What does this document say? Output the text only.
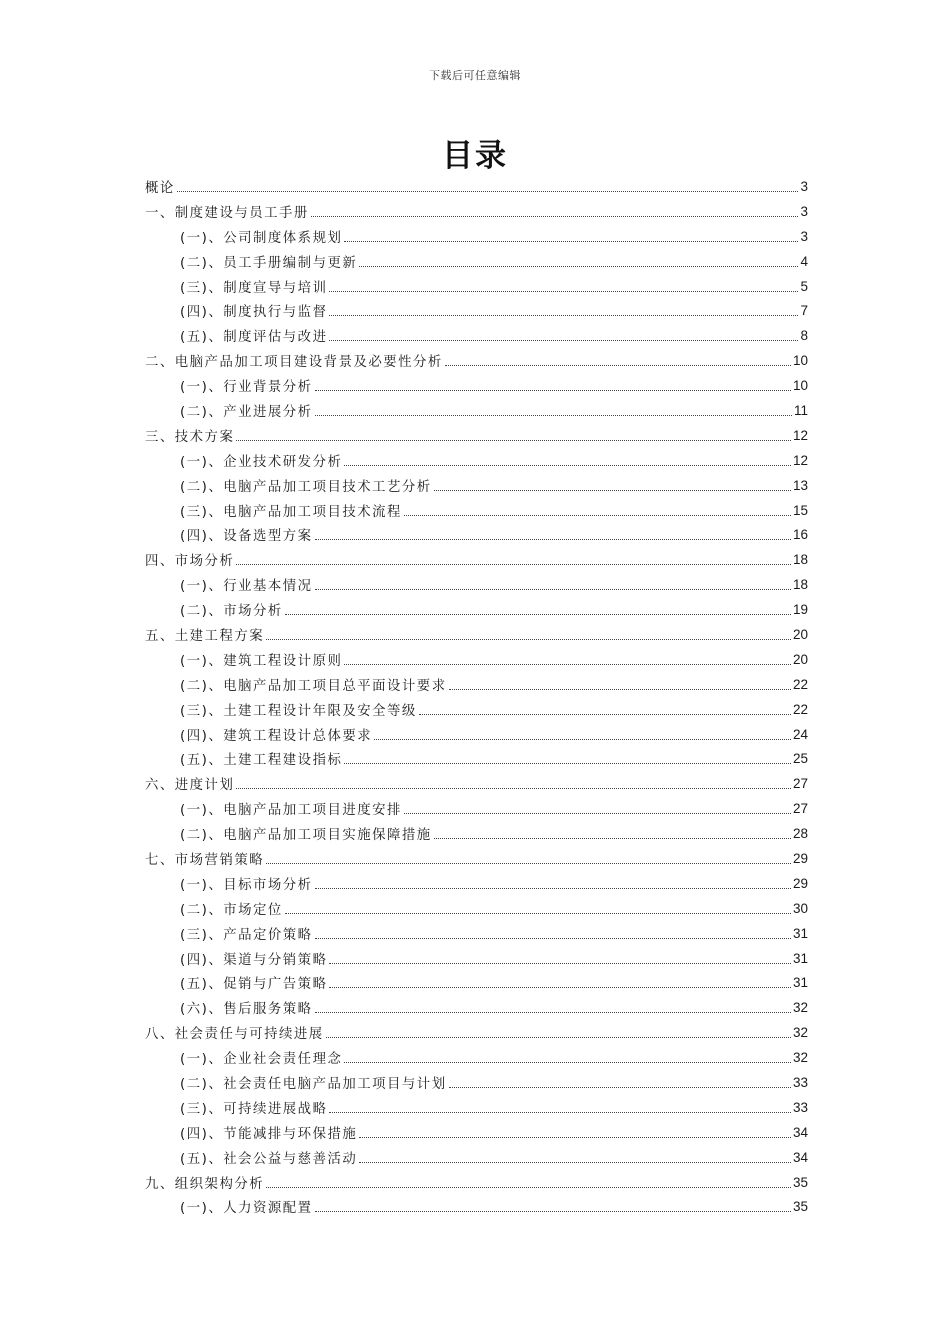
下载后可任意编辑
目录
概论	3
一、制度建设与员工手册	3
(一)、公司制度体系规划	3
(二)、员工手册编制与更新	4
(三)、制度宣导与培训	5
(四)、制度执行与监督	7
(五)、制度评估与改进	8
二、电脑产品加工项目建设背景及必要性分析	10
(一)、行业背景分析	10
(二)、产业进展分析	11
三、技术方案	12
(一)、企业技术研发分析	12
(二)、电脑产品加工项目技术工艺分析	13
(三)、电脑产品加工项目技术流程	15
(四)、设备选型方案	16
四、市场分析	18
(一)、行业基本情况	18
(二)、市场分析	19
五、土建工程方案	20
(一)、建筑工程设计原则	20
(二)、电脑产品加工项目总平面设计要求	22
(三)、土建工程设计年限及安全等级	22
(四)、建筑工程设计总体要求	24
(五)、土建工程建设指标	25
六、进度计划	27
(一)、电脑产品加工项目进度安排	27
(二)、电脑产品加工项目实施保障措施	28
七、市场营销策略	29
(一)、目标市场分析	29
(二)、市场定位	30
(三)、产品定价策略	31
(四)、渠道与分销策略	31
(五)、促销与广告策略	31
(六)、售后服务策略	32
八、社会责任与可持续进展	32
(一)、企业社会责任理念	32
(二)、社会责任电脑产品加工项目与计划	33
(三)、可持续进展战略	33
(四)、节能减排与环保措施	34
(五)、社会公益与慈善活动	34
九、组织架构分析	35
(一)、人力资源配置	35
